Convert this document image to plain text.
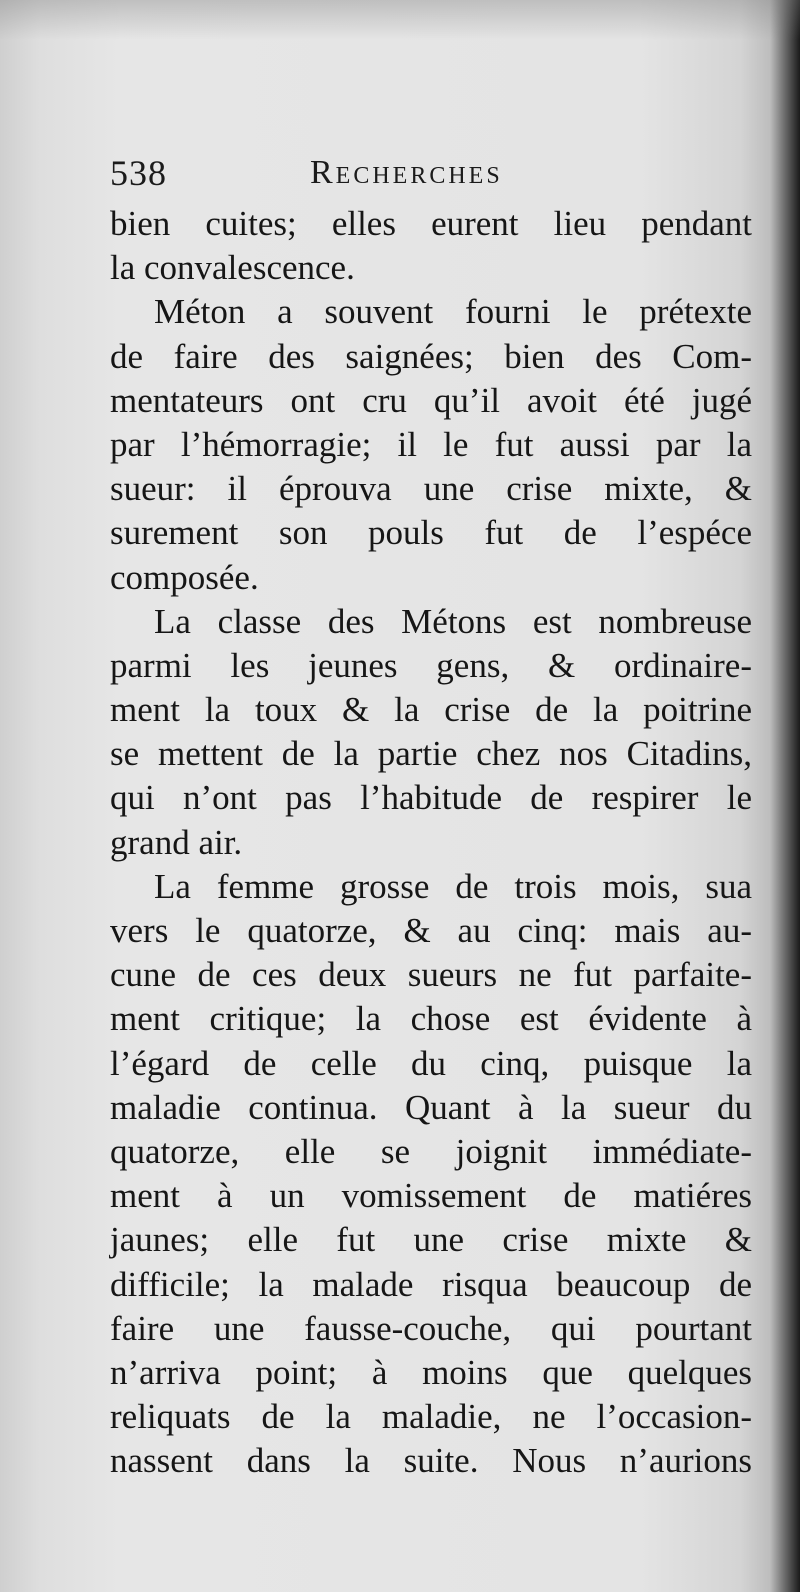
538	Recherches
bien cuites; elles eurent lieu pendant
la convalescence.
Méton a souvent fourni le prétexte
de faire des saignées; bien des Com-
mentateurs ont cru qu’il avoit été jugé
par l’hémorragie; il le fut aussi par la
sueur: il éprouva une crise mixte, &
surement son pouls fut de l’espéce
composée.
La classe des Métons est nombreuse
parmi les jeunes gens, & ordinaire-
ment la toux & la crise de la poitrine
se mettent de la partie chez nos Citadins,
qui n’ont pas l’habitude de respirer le
grand air.
La femme grosse de trois mois, sua
vers le quatorze, & au cinq: mais au-
cune de ces deux sueurs ne fut parfaite-
ment critique; la chose est évidente à
l’égard de celle du cinq, puisque la
maladie continua. Quant à la sueur du
quatorze, elle se joignit immédiate-
ment à un vomissement de matiéres
jaunes; elle fut une crise mixte &
difficile; la malade risqua beaucoup de
faire une fausse-couche, qui pourtant
n’arriva point; à moins que quelques
reliquats de la maladie, ne l’occasion-
nassent dans la suite. Nous n’aurions
